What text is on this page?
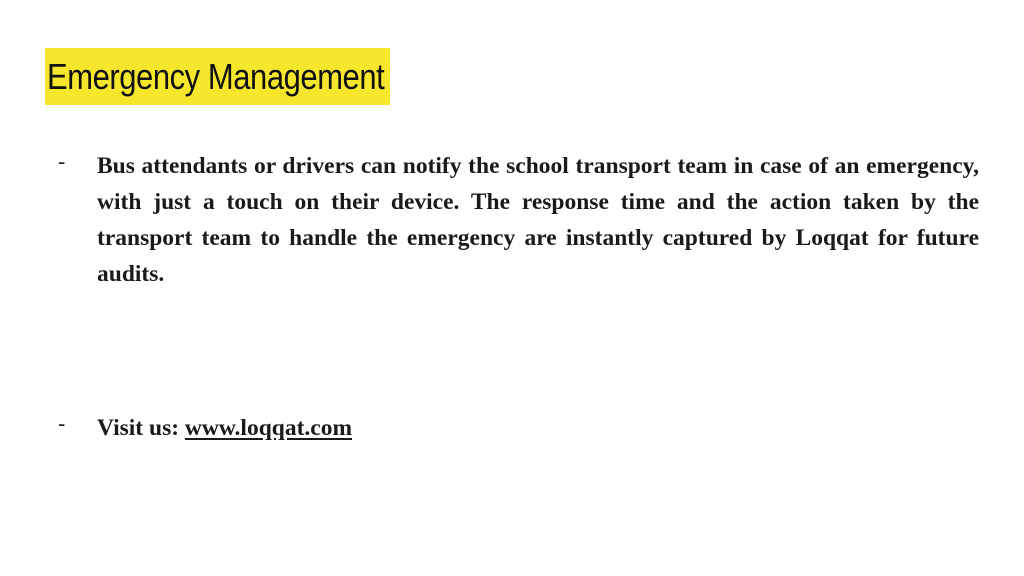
Emergency Management
- Bus attendants or drivers can notify the school transport team in case of an emergency, with just a touch on their device. The response time and the action taken by the transport team to handle the emergency are instantly captured by Loqqat for future audits.
- Visit us: www.loqqat.com
